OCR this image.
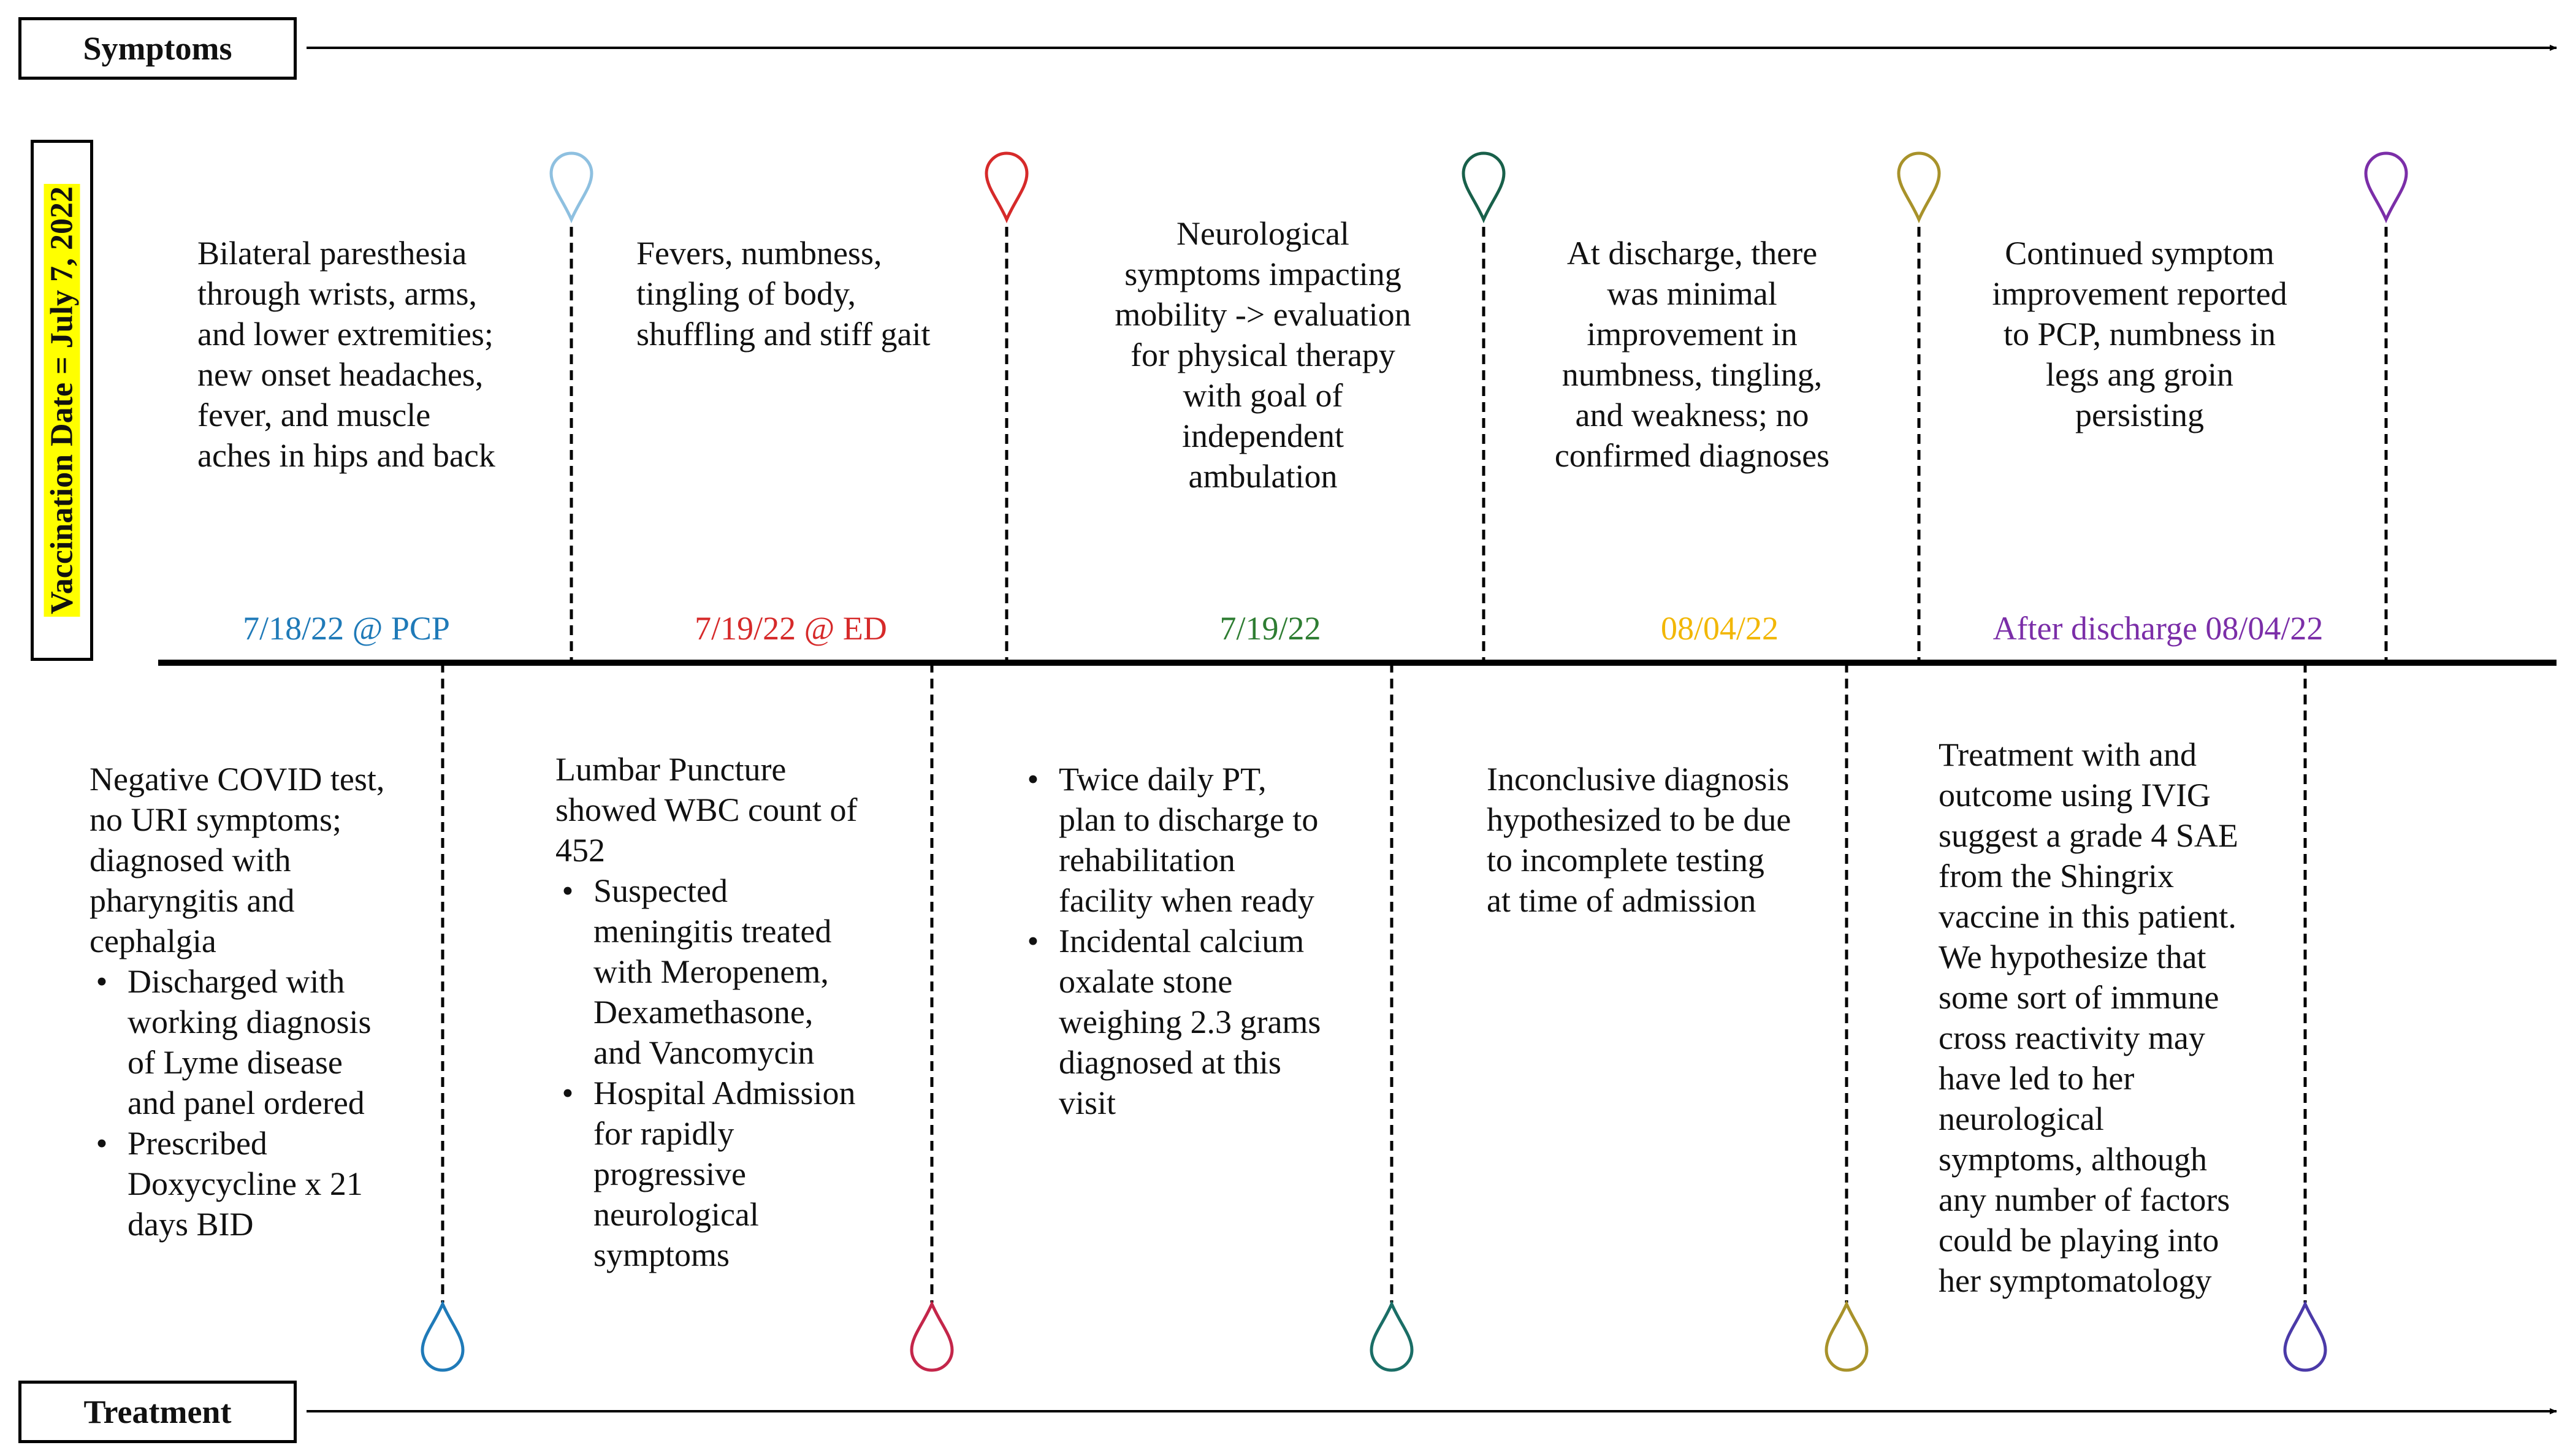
Symptoms
Treatment
Vaccination Date = July 7, 2022	Bilateral paresthesia
through wrists, arms,
and lower extremities;
new onset headaches,
fever, and muscle
aches in hips and back
7/18/22 @ PCP
Negative COVID test,
no URI symptoms;
diagnosed with
pharyngitis and
cephalgia
• Discharged with
working diagnosis
of Lyme disease
and panel ordered
• Prescribed
Doxycycline x 21
days BID
Fevers, numbness,
tingling of body,
shuffling and stiff gait
7/19/22 @ ED
Lumbar Puncture
showed WBC count of
452
• Suspected
meningitis treated
with Meropenem,
Dexamethasone,
and Vancomycin
• Hospital Admission
for rapidly
progressive
neurological
symptoms
Neurological
symptoms impacting
mobility -> evaluation
for physical therapy
with goal of
independent
ambulation
7/19/22
• Twice daily PT,
plan to discharge to
rehabilitation
facility when ready
• Incidental calcium
oxalate stone
weighing 2.3 grams
diagnosed at this
visit
At discharge, there
was minimal
improvement in
numbness, tingling,
and weakness; no
confirmed diagnoses
08/04/22
Inconclusive diagnosis
hypothesized to be due
to incomplete testing
at time of admission
Continued symptom
improvement reported
to PCP, numbness in
legs ang groin
persisting
After discharge 08/04/22
Treatment with and
outcome using IVIG
suggest a grade 4 SAE
from the Shingrix
vaccine in this patient.
We hypothesize that
some sort of immune
cross reactivity may
have led to her
neurological
symptoms, although
any number of factors
could be playing into
her symptomatology
